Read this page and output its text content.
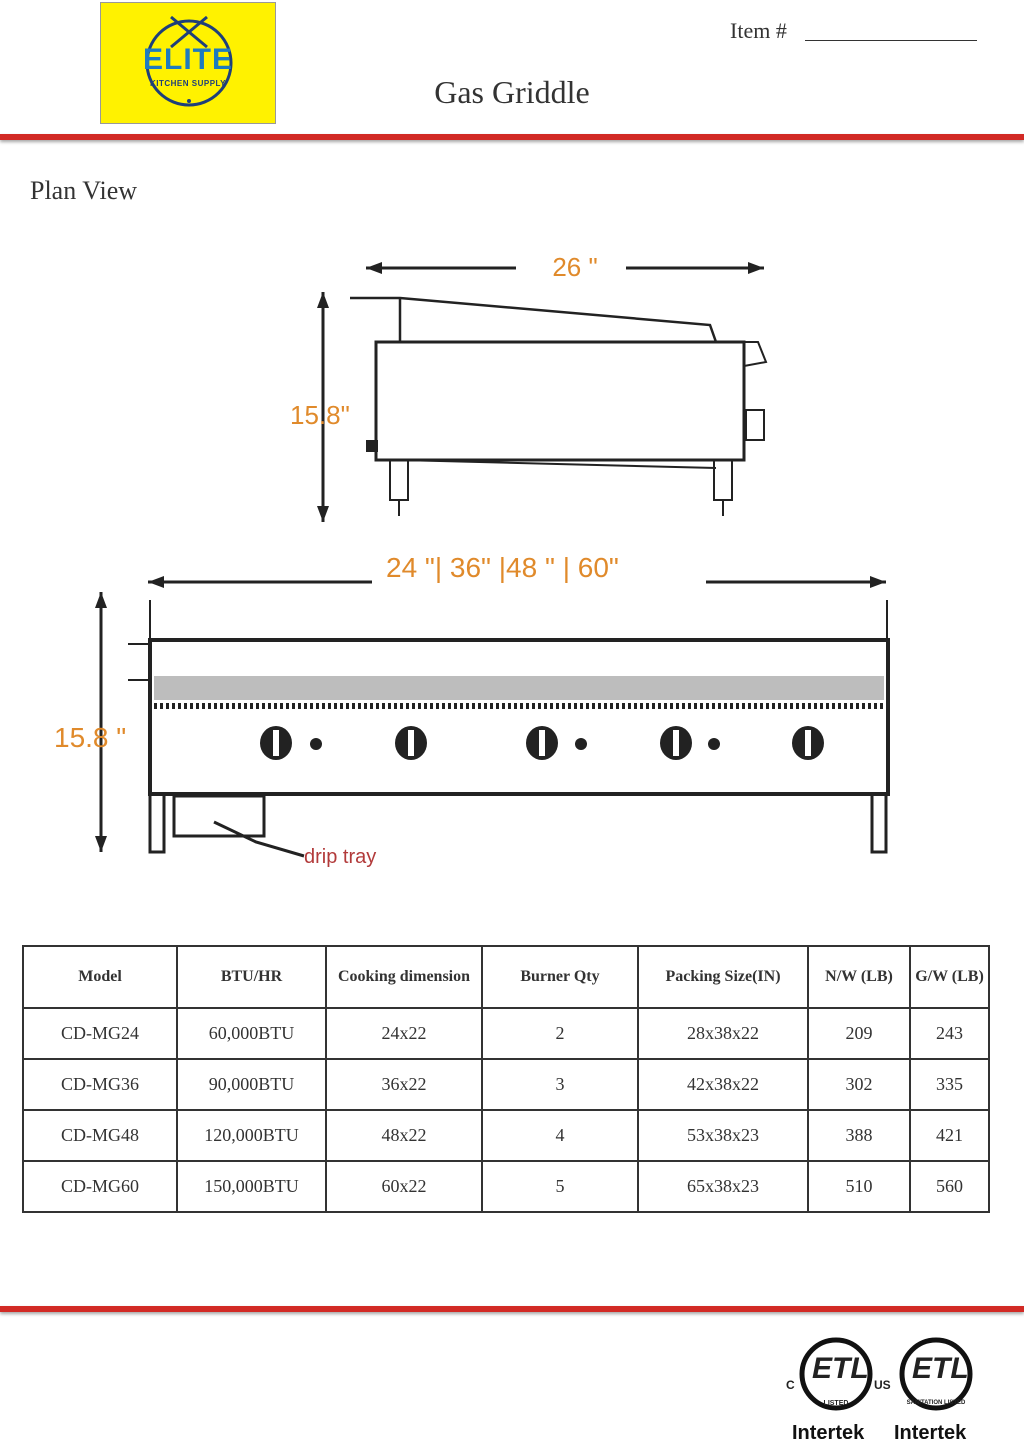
ELITE
KITCHEN SUPPLY
Item #
Gas Griddle
Plan View
26 "
15.8"
24 "| 36" |48 " | 60"
15.8 "
drip tray
Model	BTU/HR	Cooking dimension	Burner Qty	Packing Size(IN)	N/W (LB)	G/W (LB)
CD-MG24	60,000BTU	24x22	2	28x38x22	209	243
CD-MG36	90,000BTU	36x22	3	42x38x22	302	335
CD-MG48	120,000BTU	48x22	4	53x38x23	388	421
CD-MG60	150,000BTU	60x22	5	65x38x23	510	560
ETL
C	US
LISTED
Intertek
ETL
SANITATION LISTED
Intertek
